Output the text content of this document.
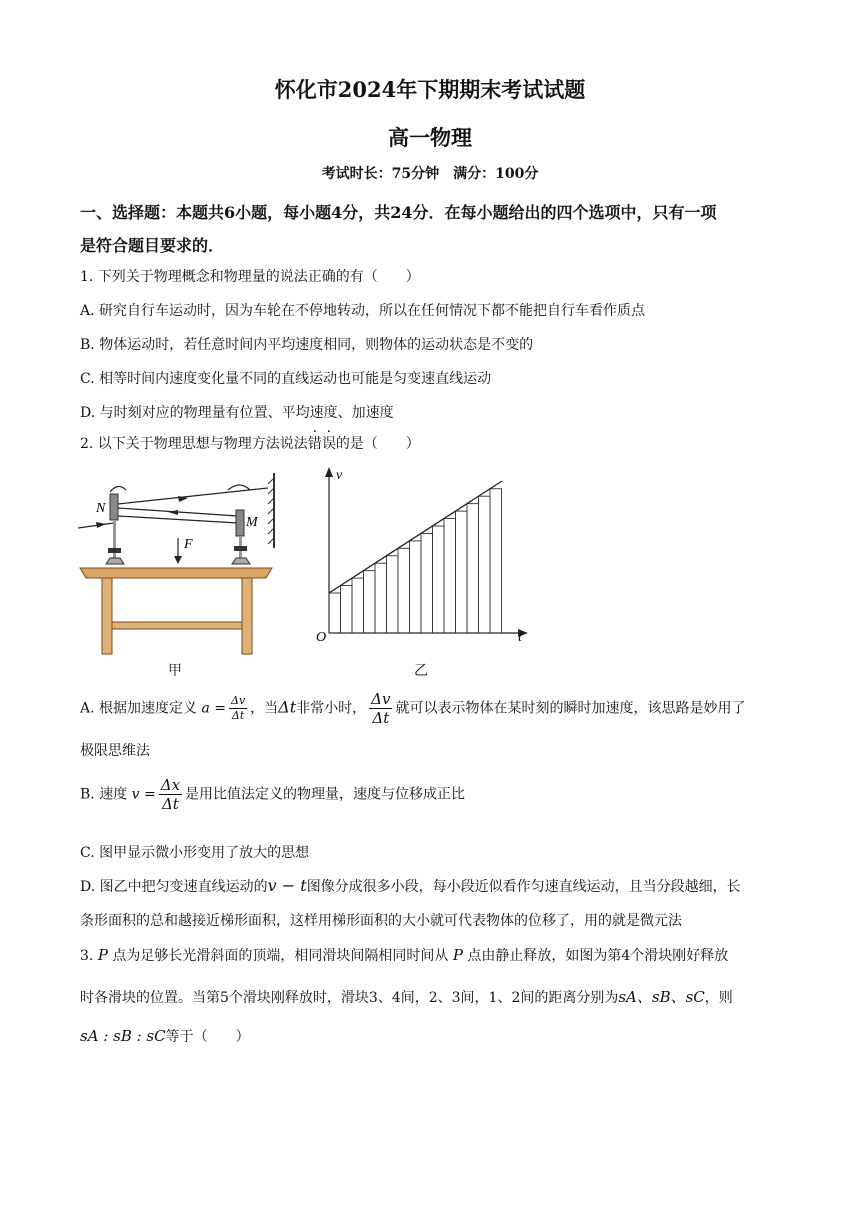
怀化市2024年下期期末考试试题
高一物理
考试时长：75分钟　满分：100分
一、选择题：本题共6小题，每小题4分，共24分．在每小题给出的四个选项中，只有一项
是符合题目要求的．
1. 下列关于物理概念和物理量的说法正确的有（　　）
A. 研究自行车运动时，因为车轮在不停地转动，所以在任何情况下都不能把自行车看作质点
B. 物体运动时，若任意时间内平均速度相同，则物体的运动状态是不变的
C. 相等时间内速度变化量不同的直线运动也可能是匀变速直线运动
D. 与时刻对应的物理量有位置、平均速度、加速度
2. 以下关于物理思想与物理方法说法错误的是（　　）
N
M
F
甲
v
O	t
乙
A. 根据加速度定义 $a = \frac{\Delta v}{\Delta t}$ ，当Δt非常小时， $\frac{\Delta v}{\Delta t}$ 就可以表示物体在某时刻的瞬时加速度，该思路是妙用了
极限思维法
B. 速度 $v = \frac{\Delta x}{\Delta t}$ 是用比值法定义的物理量，速度与位移成正比
C. 图甲显示微小形变用了放大的思想
D. 图乙中把匀变速直线运动的v − t图像分成很多小段，每小段近似看作匀速直线运动，且当分段越细，长
条形面积的总和越接近梯形面积，这样用梯形面积的大小就可代表物体的位移了，用的就是微元法
3. P 点为足够长光滑斜面的顶端，相同滑块间隔相同时间从 P 点由静止释放，如图为第4个滑块刚好释放
时各滑块的位置。当第5个滑块刚释放时，滑块3、4间，2、3间，1、2间的距离分别为sA、sB、sC，则
sA : sB : sC等于（　　）
